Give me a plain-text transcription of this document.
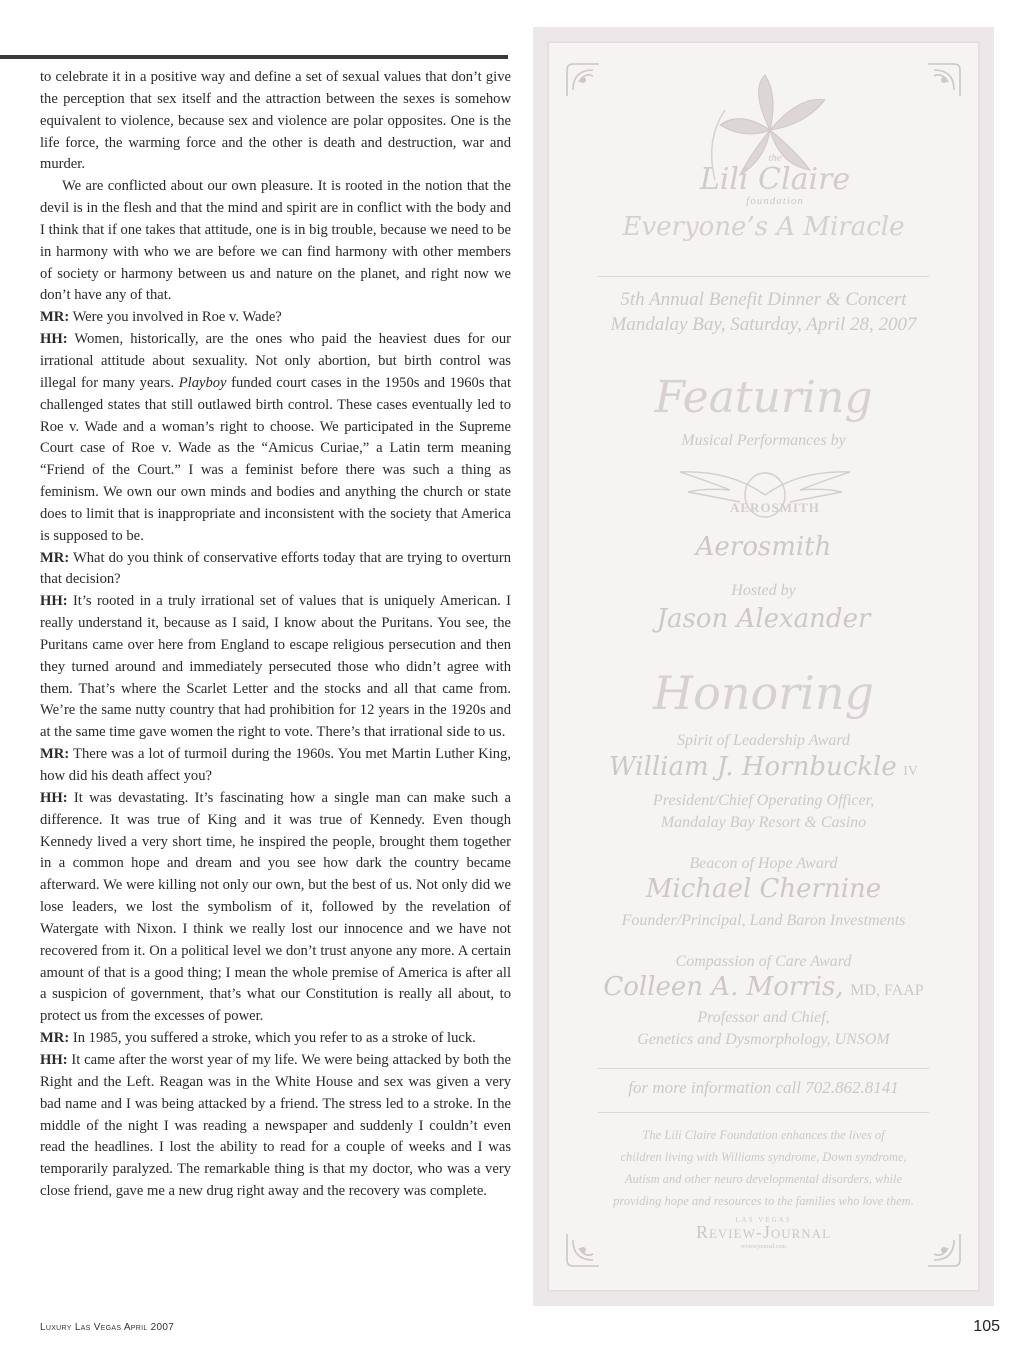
to celebrate it in a positive way and define a set of sexual values that don’t give the perception that sex itself and the attraction between the sexes is somehow equivalent to violence, because sex and violence are polar opposites. One is the life force, the warming force and the other is death and destruction, war and murder.

We are conflicted about our own pleasure. It is rooted in the notion that the devil is in the flesh and that the mind and spirit are in conflict with the body and I think that if one takes that attitude, one is in big trouble, because we need to be in harmony with who we are before we can find harmony with other members of society or harmony between us and nature on the planet, and right now we don’t have any of that.

MR: Were you involved in Roe v. Wade?

HH: Women, historically, are the ones who paid the heaviest dues for our irrational attitude about sexuality. Not only abortion, but birth control was illegal for many years. Playboy funded court cases in the 1950s and 1960s that challenged states that still outlawed birth control. These cases eventually led to Roe v. Wade and a woman’s right to choose. We participated in the Supreme Court case of Roe v. Wade as the “Amicus Curiae,” a Latin term meaning “Friend of the Court.” I was a feminist before there was such a thing as feminism. We own our own minds and bodies and anything the church or state does to limit that is inappropriate and inconsistent with the society that America is supposed to be.

MR: What do you think of conservative efforts today that are trying to overturn that decision?

HH: It’s rooted in a truly irrational set of values that is uniquely American. I really understand it, because as I said, I know about the Puritans. You see, the Puritans came over here from England to escape religious persecution and then they turned around and immediately persecuted those who didn’t agree with them. That’s where the Scarlet Letter and the stocks and all that came from. We’re the same nutty country that had prohibition for 12 years in the 1920s and at the same time gave women the right to vote. There’s that irrational side to us.

MR: There was a lot of turmoil during the 1960s. You met Martin Luther King, how did his death affect you?

HH: It was devastating. It’s fascinating how a single man can make such a difference. It was true of King and it was true of Kennedy. Even though Kennedy lived a very short time, he inspired the people, brought them together in a common hope and dream and you see how dark the country became afterward. We were killing not only our own, but the best of us. Not only did we lose leaders, we lost the symbolism of it, followed by the revelation of Watergate with Nixon. I think we really lost our innocence and we have not recovered from it. On a political level we don’t trust anyone any more. A certain amount of that is a good thing; I mean the whole premise of America is after all a suspicion of government, that’s what our Constitution is really all about, to protect us from the excesses of power.

MR: In 1985, you suffered a stroke, which you refer to as a stroke of luck.

HH: It came after the worst year of my life. We were being attacked by both the Right and the Left. Reagan was in the White House and sex was given a very bad name and I was being attacked by a friend. The stress led to a stroke. In the middle of the night I was reading a newspaper and suddenly I couldn’t even read the headlines. I lost the ability to read for a couple of weeks and I was temporarily paralyzed. The remarkable thing is that my doctor, who was a very close friend, gave me a new drug right away and the recovery was complete.

Luxury Las Vegas April 2007	105
the
Lili Claire
foundation
Everyone’s A Miracle
5th Annual Benefit Dinner & Concert
Mandalay Bay, Saturday, April 28, 2007
Featuring
Musical Performances by
AEROSMITH
Aerosmith
Hosted by
Jason Alexander
Honoring
Spirit of Leadership Award
William J. Hornbuckle IV
President/Chief Operating Officer,
Mandalay Bay Resort & Casino
Beacon of Hope Award
Michael Chernine
Founder/Principal, Land Baron Investments
Compassion of Care Award
Colleen A. Morris, MD, FAAP
Professor and Chief,
Genetics and Dysmorphology, UNSOM
for more information call 702.862.8141
The Lili Claire Foundation enhances the lives of
children living with Williams syndrome, Down syndrome,
Autism and other neuro developmental disorders, while
providing hope and resources to the families who love them.
LAS VEGAS
Review-Journal
reviewjournal.com
